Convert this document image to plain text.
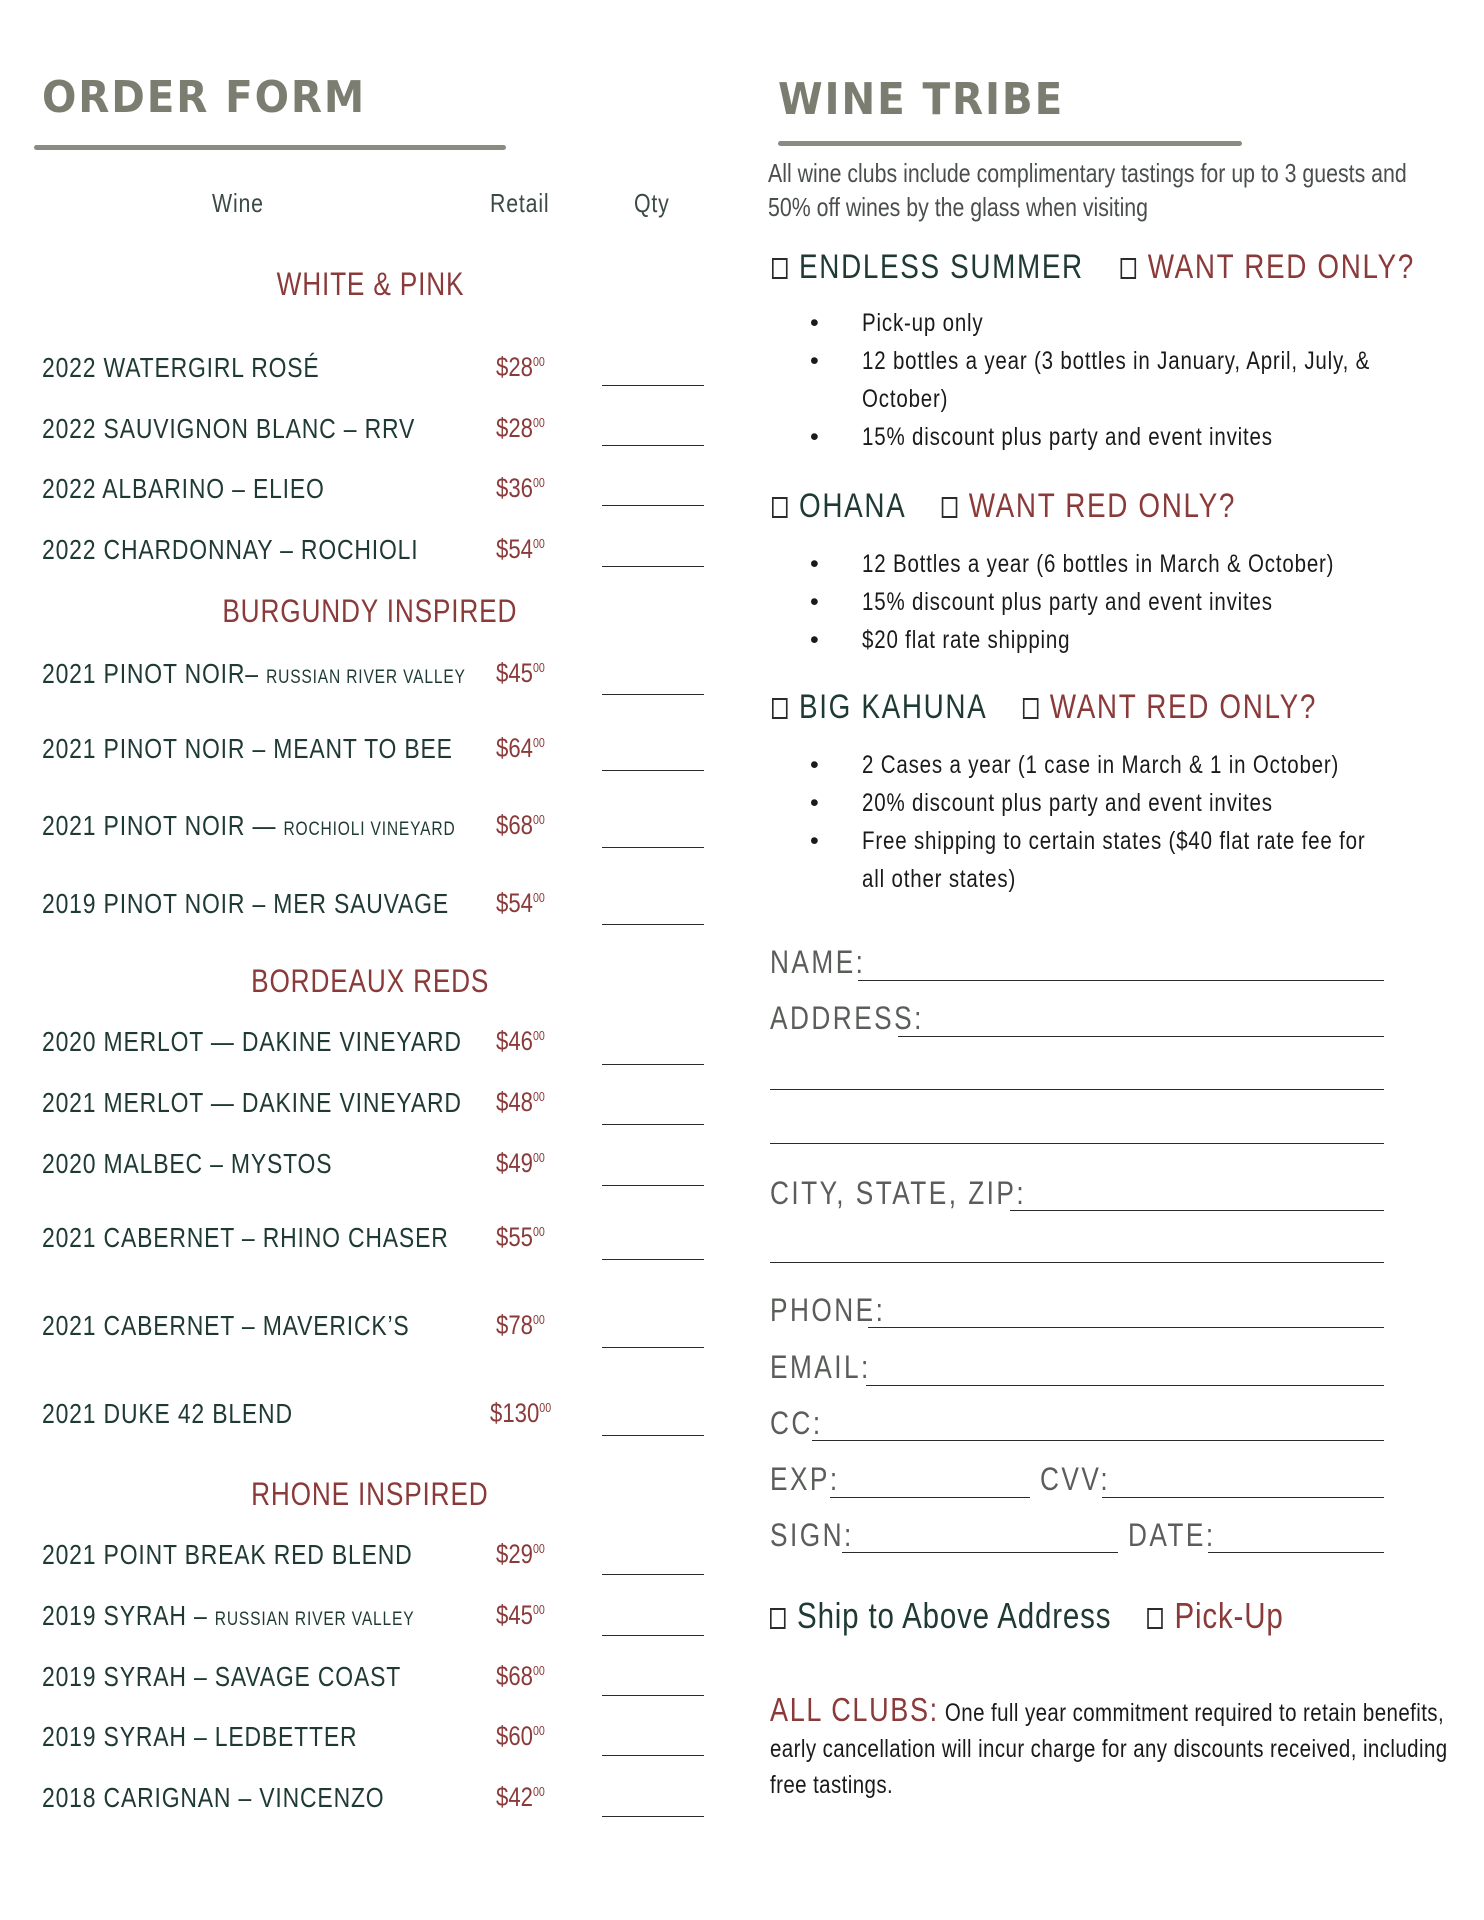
ORDER FORM
Wine	Retail	Qty
WHITE & PINK
2022 WATERGIRL ROSÉ	$\$28^{00}$
2022 SAUVIGNON BLANC – RRV	$\$28^{00}$
2022 ALBARINO – ELIEO	$\$36^{00}$
2022 CHARDONNAY – ROCHIOLI	$\$54^{00}$
BURGUNDY INSPIRED
2021 PINOT NOIR– RUSSIAN RIVER VALLEY	$\$45^{00}$
2021 PINOT NOIR – MEANT TO BEE	$\$64^{00}$
2021 PINOT NOIR — ROCHIOLI VINEYARD	$\$68^{00}$
2019 PINOT NOIR – MER SAUVAGE	$\$54^{00}$
BORDEAUX REDS
2020 MERLOT — DAKINE VINEYARD	$\$46^{00}$
2021 MERLOT — DAKINE VINEYARD	$\$48^{00}$
2020 MALBEC – MYSTOS	$\$49^{00}$
2021 CABERNET – RHINO CHASER	$\$55^{00}$
2021 CABERNET – MAVERICK’S	$\$78^{00}$
2021 DUKE 42 BLEND	$\$130^{00}$
RHONE INSPIRED
2021 POINT BREAK RED BLEND	$\$29^{00}$
2019 SYRAH – RUSSIAN RIVER VALLEY	$\$45^{00}$
2019 SYRAH – SAVAGE COAST	$\$68^{00}$
2019 SYRAH – LEDBETTER	$\$60^{00}$
2018 CARIGNAN – VINCENZO	$\$42^{00}$
WINE TRIBE
All wine clubs include complimentary tastings for up to 3 guests and 50% off wines by the glass when visiting
ENDLESS SUMMER WANT RED ONLY?
• Pick-up only
• 12 bottles a year (3 bottles in January, April, July, & October)
• 15% discount plus party and event invites
OHANA WANT RED ONLY?
• 12 Bottles a year (6 bottles in March & October)
• 15% discount plus party and event invites
• $20 flat rate shipping
BIG KAHUNA WANT RED ONLY?
• 2 Cases a year (1 case in March & 1 in October)
• 20% discount plus party and event invites
• Free shipping to certain states ($40 flat rate fee for all other states)
NAME:
ADDRESS:
CITY, STATE, ZIP:
PHONE:
EMAIL:
CC:
EXP:	CVV:
SIGN:	DATE:
Ship to Above Address Pick-Up
ALL CLUBS: One full year commitment required to retain benefits, early cancellation will incur charge for any discounts received, including free tastings.
